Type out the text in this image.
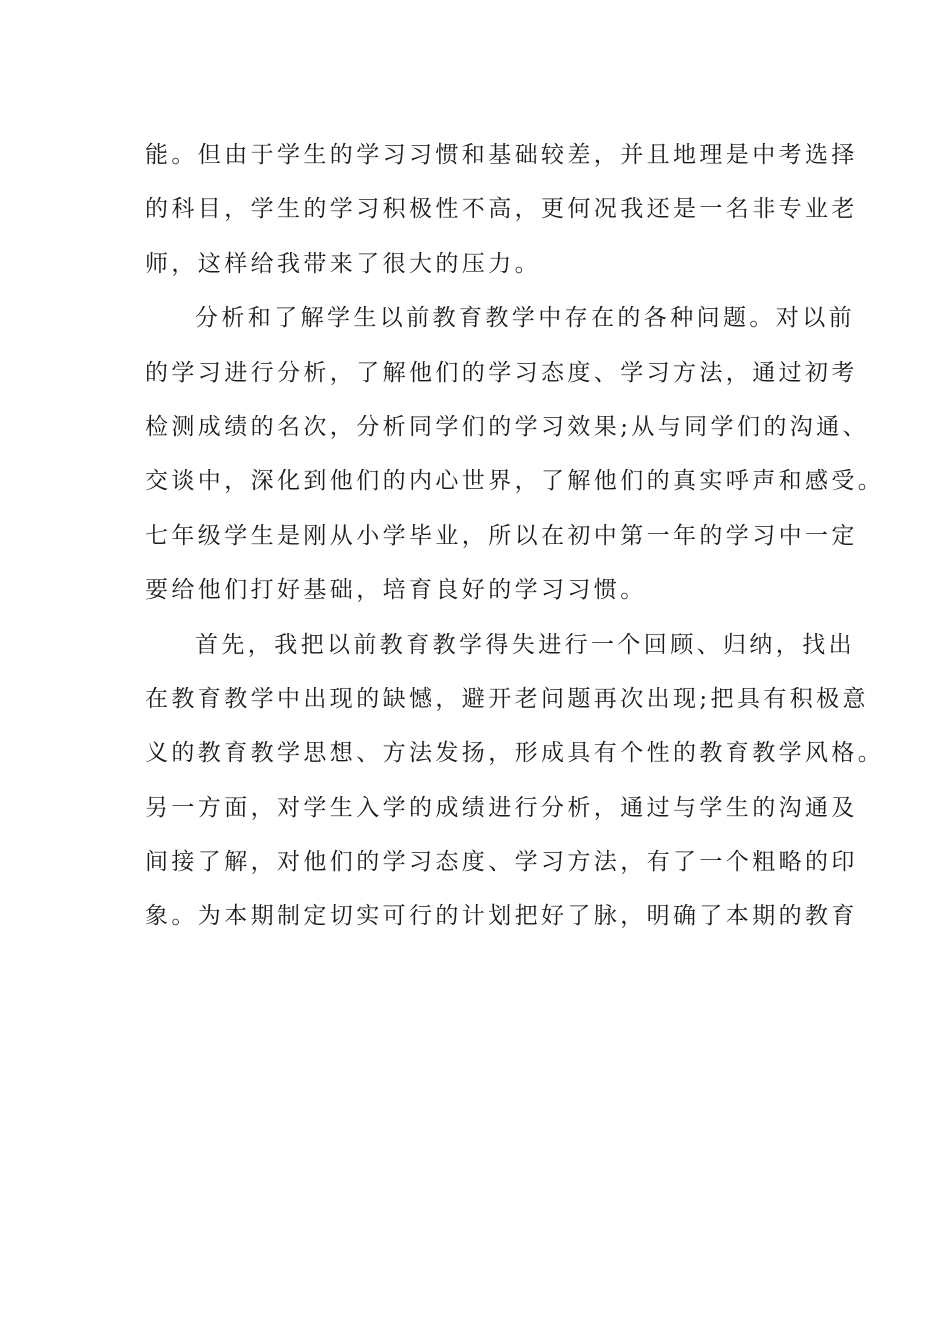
能。但由于学生的学习习惯和基础较差，并且地理是中考选择
的科目，学生的学习积极性不高，更何况我还是一名非专业老
师，这样给我带来了很大的压力。
分析和了解学生以前教育教学中存在的各种问题。对以前
的学习进行分析，了解他们的学习态度、学习方法，通过初考
检测成绩的名次，分析同学们的学习效果;从与同学们的沟通、
交谈中，深化到他们的内心世界，了解他们的真实呼声和感受。
七年级学生是刚从小学毕业，所以在初中第一年的学习中一定
要给他们打好基础，培育良好的学习习惯。
首先，我把以前教育教学得失进行一个回顾、归纳，找出
在教育教学中出现的缺憾，避开老问题再次出现;把具有积极意
义的教育教学思想、方法发扬，形成具有个性的教育教学风格。
另一方面，对学生入学的成绩进行分析，通过与学生的沟通及
间接了解，对他们的学习态度、学习方法，有了一个粗略的印
象。为本期制定切实可行的计划把好了脉，明确了本期的教育
